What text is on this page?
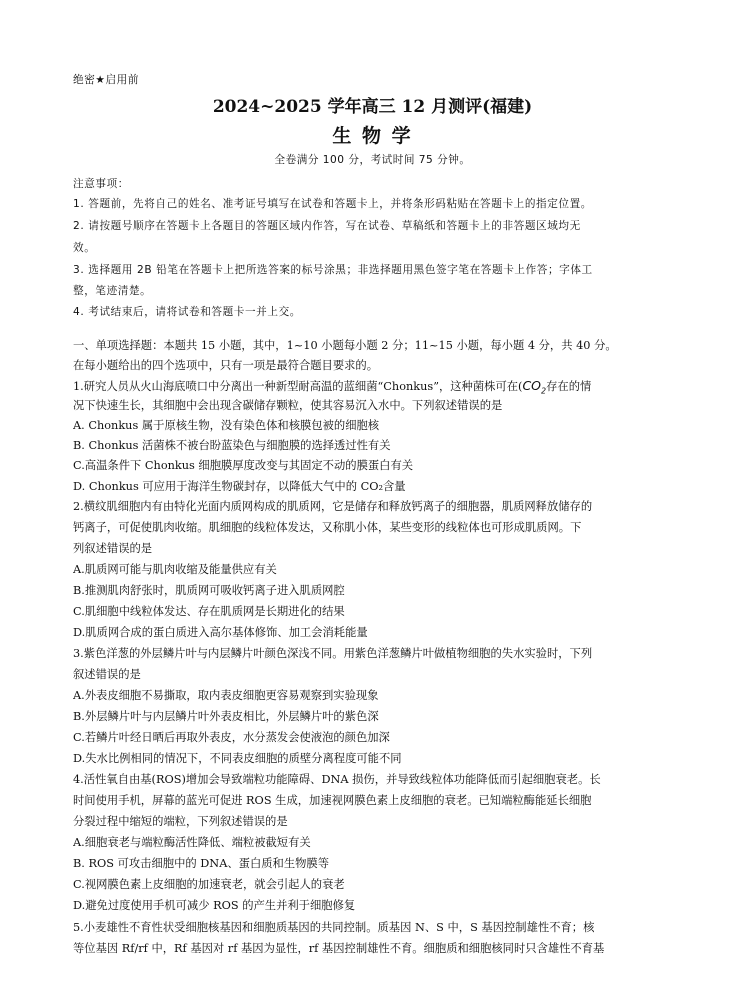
绝密★启用前
2024~2025 学年高三 12 月测评(福建)
生 物 学
全卷满分 100 分，考试时间 75 分钟。
注意事项：
1. 答题前，先将自己的姓名、准考证号填写在试卷和答题卡上，并将条形码粘贴在答题卡上的指定位置。
2. 请按题号顺序在答题卡上各题目的答题区域内作答，写在试卷、草稿纸和答题卡上的非答题区域均无
效。
3. 选择题用 2B 铅笔在答题卡上把所选答案的标号涂黑；非选择题用黑色签字笔在答题卡上作答；字体工
整，笔迹清楚。
4. 考试结束后，请将试卷和答题卡一并上交。
一、单项选择题：本题共 15 小题，其中，1~10 小题每小题 2 分；11~15 小题，每小题 4 分，共 40 分。
在每小题给出的四个选项中，只有一项是最符合题目要求的。
1.研究人员从火山海底喷口中分离出一种新型耐高温的蓝细菌“Chonkus”，这种菌株可在($CO_2$存在的情
况下快速生长，其细胞中会出现含碳储存颗粒，使其容易沉入水中。下列叙述错误的是
A. Chonkus 属于原核生物，没有染色体和核膜包被的细胞核
B. Chonkus 活菌株不被台盼蓝染色与细胞膜的选择透过性有关
C.高温条件下 Chonkus 细胞膜厚度改变与其固定不动的膜蛋白有关
D. Chonkus 可应用于海洋生物碳封存，以降低大气中的 CO₂含量
2.横纹肌细胞内有由特化光面内质网构成的肌质网，它是储存和释放钙离子的细胞器，肌质网释放储存的
钙离子，可促使肌肉收缩。肌细胞的线粒体发达，又称肌小体，某些变形的线粒体也可形成肌质网。下
列叙述错误的是
A.肌质网可能与肌肉收缩及能量供应有关
B.推测肌肉舒张时，肌质网可吸收钙离子进入肌质网腔
C.肌细胞中线粒体发达、存在肌质网是长期进化的结果
D.肌质网合成的蛋白质进入高尔基体修饰、加工会消耗能量
3.紫色洋葱的外层鳞片叶与内层鳞片叶颜色深浅不同。用紫色洋葱鳞片叶做植物细胞的失水实验时，下列
叙述错误的是
A.外表皮细胞不易撕取，取内表皮细胞更容易观察到实验现象
B.外层鳞片叶与内层鳞片叶外表皮相比，外层鳞片叶的紫色深
C.若鳞片叶经日晒后再取外表皮，水分蒸发会使液泡的颜色加深
D.失水比例相同的情况下，不同表皮细胞的质壁分离程度可能不同
4.活性氧自由基(ROS)增加会导致端粒功能障碍、DNA 损伤，并导致线粒体功能降低而引起细胞衰老。长
时间使用手机，屏幕的蓝光可促进 ROS 生成，加速视网膜色素上皮细胞的衰老。已知端粒酶能延长细胞
分裂过程中缩短的端粒，下列叙述错误的是
A.细胞衰老与端粒酶活性降低、端粒被截短有关
B. ROS 可攻击细胞中的 DNA、蛋白质和生物膜等
C.视网膜色素上皮细胞的加速衰老，就会引起人的衰老
D.避免过度使用手机可减少 ROS 的产生并利于细胞修复
5.小麦雄性不育性状受细胞核基因和细胞质基因的共同控制。质基因 N、S 中，S 基因控制雄性不育；核
等位基因 Rf/rf 中，Rf 基因对 rf 基因为显性，rf 基因控制雄性不育。细胞质和细胞核同时只含雄性不育基
